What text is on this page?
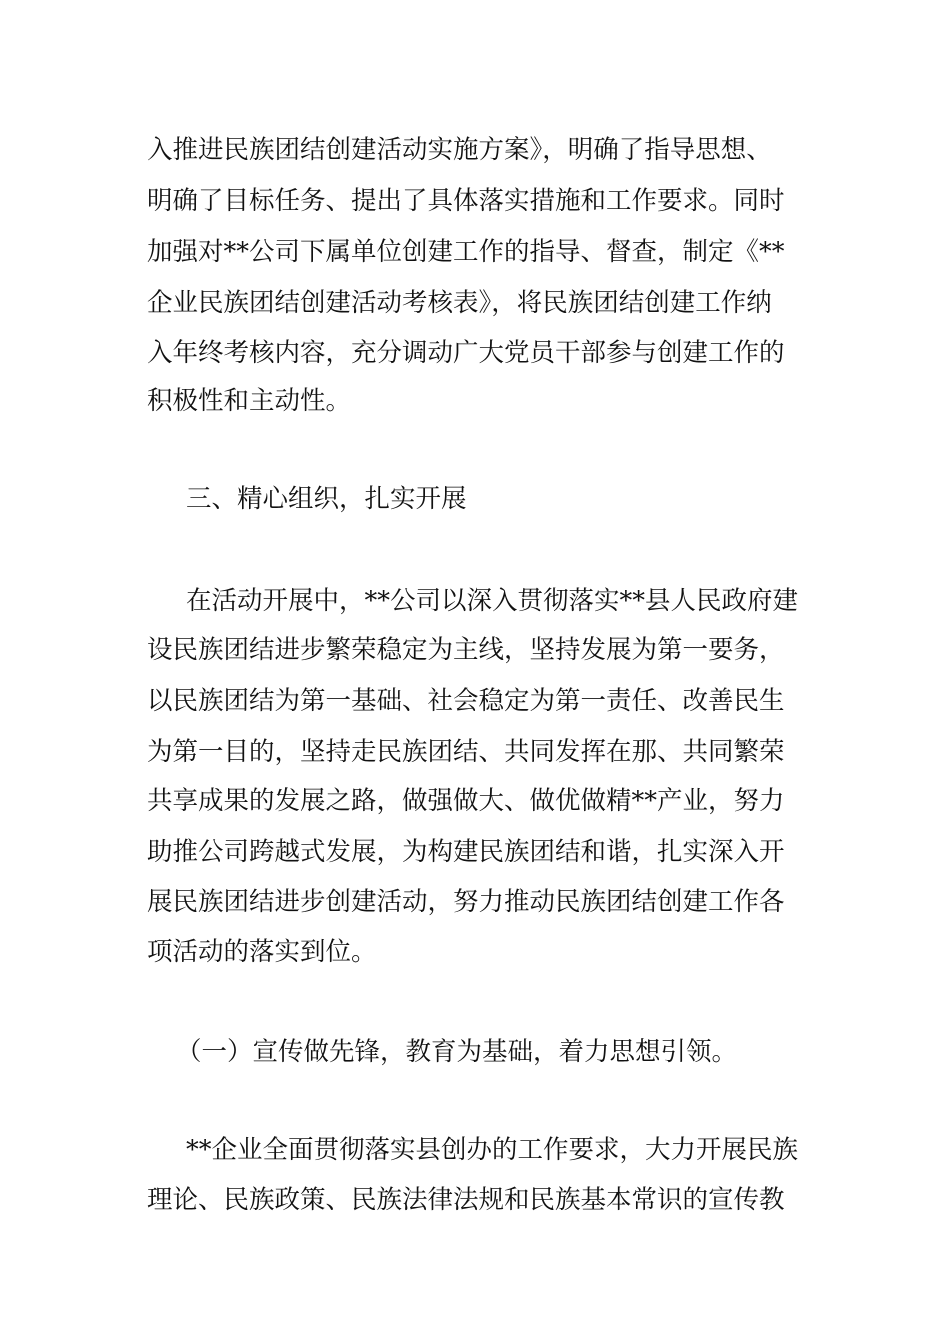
入推进民族团结创建活动实施方案》，明确了指导思想、

明确了目标任务、提出了具体落实措施和工作要求。同时

加强对**公司下属单位创建工作的指导、督查，制定《**

企业民族团结创建活动考核表》，将民族团结创建工作纳

入年终考核内容，充分调动广大党员干部参与创建工作的

积极性和主动性。

三、精心组织，扎实开展

在活动开展中，**公司以深入贯彻落实**县人民政府建

设民族团结进步繁荣稳定为主线，坚持发展为第一要务，

以民族团结为第一基础、社会稳定为第一责任、改善民生

为第一目的，坚持走民族团结、共同发挥在那、共同繁荣

共享成果的发展之路，做强做大、做优做精**产业，努力

助推公司跨越式发展，为构建民族团结和谐，扎实深入开

展民族团结进步创建活动，努力推动民族团结创建工作各

项活动的落实到位。

（一）宣传做先锋，教育为基础，着力思想引领。

**企业全面贯彻落实县创办的工作要求，大力开展民族

理论、民族政策、民族法律法规和民族基本常识的宣传教
